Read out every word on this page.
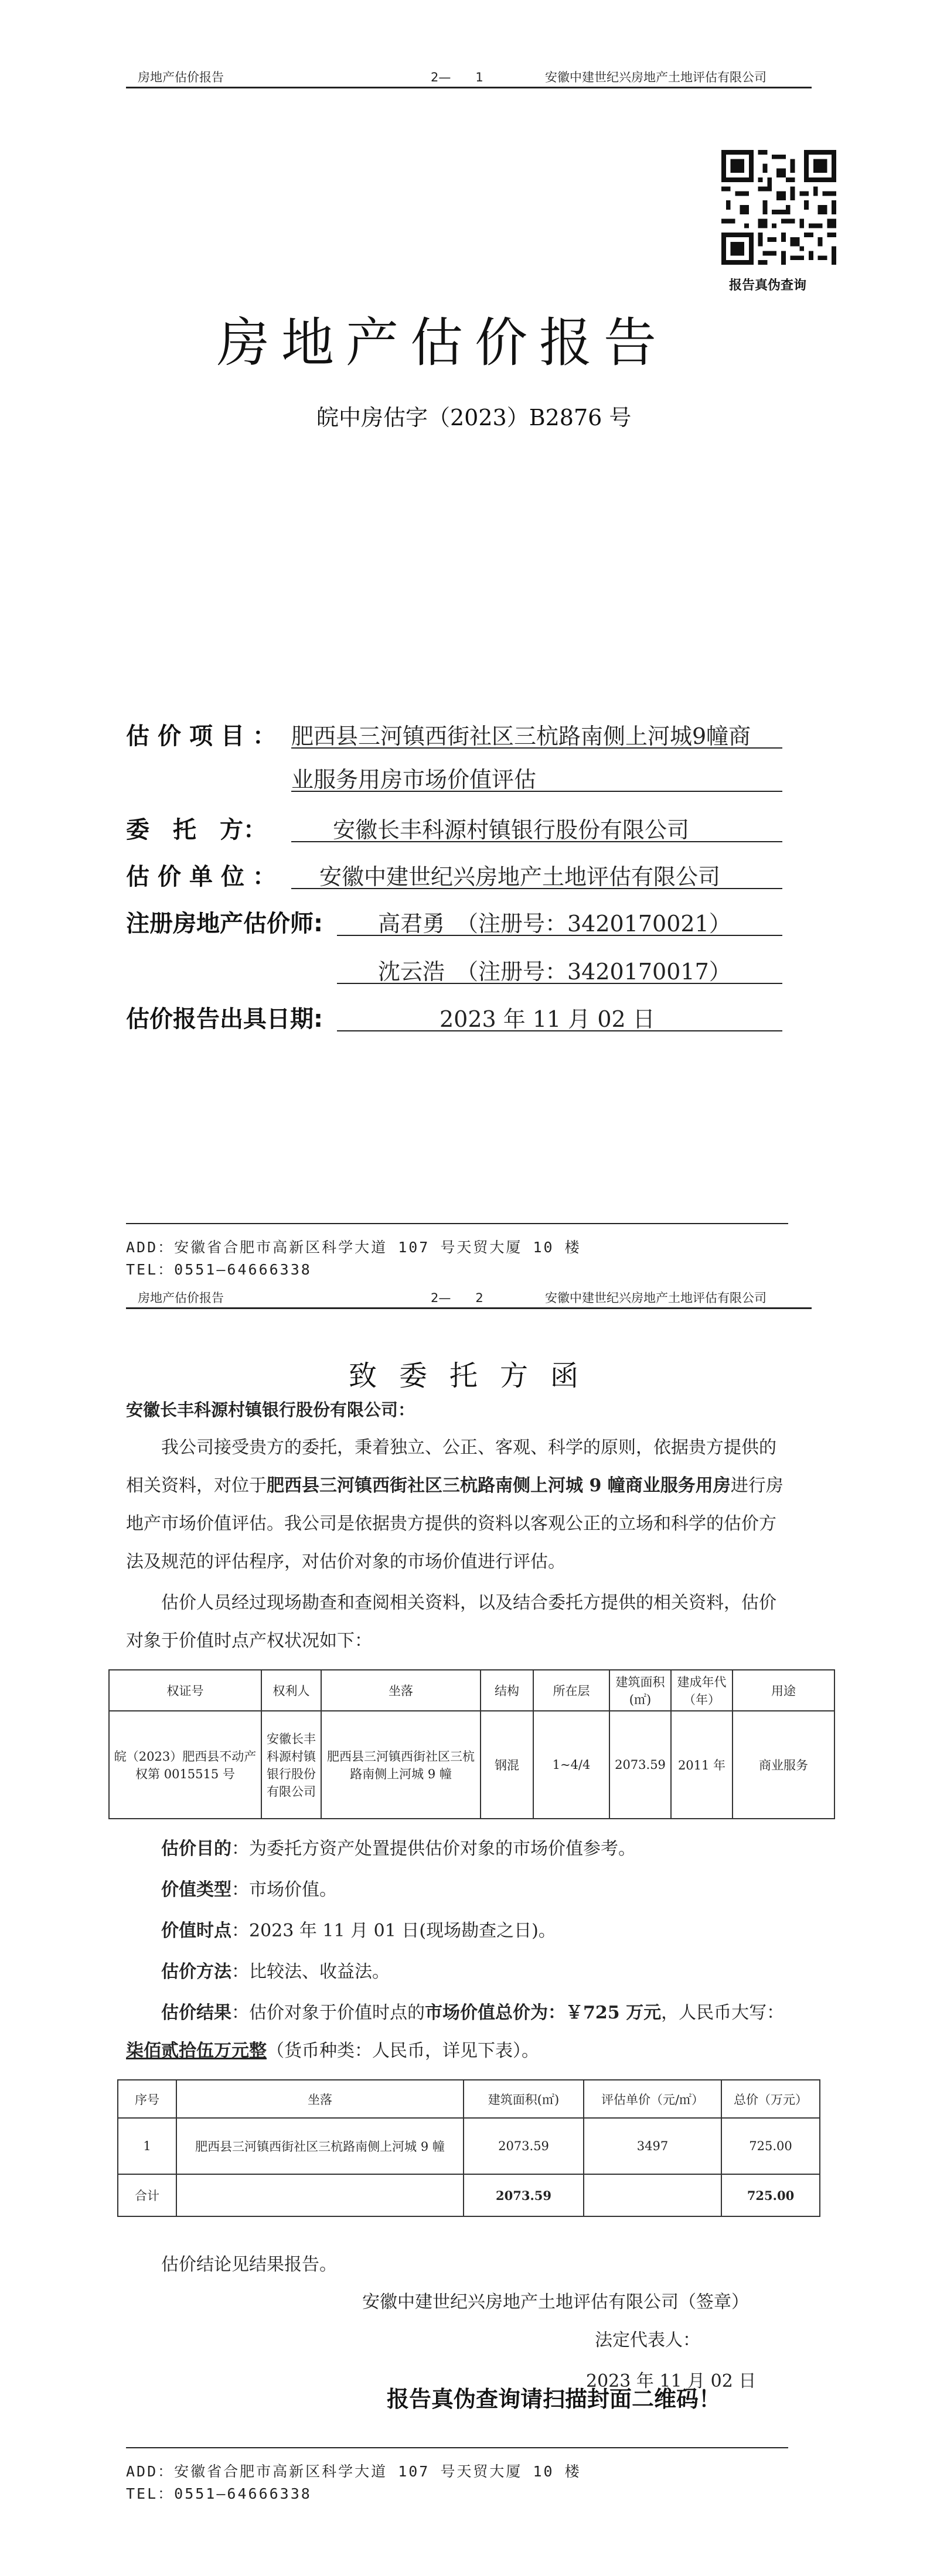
房地产估价报告	2—　　1	安徽中建世纪兴房地产土地评估有限公司
报告真伪查询
房地产估价报告
皖中房估字（2023）B2876 号
估价项目： 肥西县三河镇西街社区三杭路南侧上河城9幢商
业服务用房市场价值评估
委　托　方：	安徽长丰科源村镇银行股份有限公司
估价单位： 安徽中建世纪兴房地产土地评估有限公司
注册房地产估价师: 高君勇　（注册号：3420170021）
沈云浩　（注册号：3420170017）
估价报告出具日期:	2023 年 11 月 02 日
ADD：安徽省合肥市高新区科学大道 107 号天贸大厦 10 楼
TEL：0551—64666338
房地产估价报告	2—　　2	安徽中建世纪兴房地产土地评估有限公司
致委托方函
安徽长丰科源村镇银行股份有限公司：
我公司接受贵方的委托，秉着独立、公正、客观、科学的原则，依据贵方提供的
相关资料，对位于肥西县三河镇西街社区三杭路南侧上河城 9 幢商业服务用房进行房
地产市场价值评估。我公司是依据贵方提供的资料以客观公正的立场和科学的估价方
法及规范的评估程序，对估价对象的市场价值进行评估。
估价人员经过现场勘查和查阅相关资料，以及结合委托方提供的相关资料，估价
对象于价值时点产权状况如下：
权证号	权利人	坐落	结构	所在层	建筑面积(㎡)	建成年代（年）	用途
皖（2023）肥西县不动产权第 0015515 号	安徽长丰科源村镇银行股份有限公司	肥西县三河镇西街社区三杭路南侧上河城 9 幢	钢混	1~4/4	2073.59	2011 年	商业服务
估价目的：为委托方资产处置提供估价对象的市场价值参考。
价值类型：市场价值。
价值时点：2023 年 11 月 01 日(现场勘查之日)。
估价方法：比较法、收益法。
估价结果：估价对象于价值时点的市场价值总价为：￥725 万元，人民币大写：
柒佰贰拾伍万元整（货币种类：人民币，详见下表）。
序号	坐落	建筑面积(㎡)	评估单价（元/㎡）	总价（万元）
1	肥西县三河镇西街社区三杭路南侧上河城 9 幢	2073.59	3497	725.00
合计		2073.59		725.00
估价结论见结果报告。
安徽中建世纪兴房地产土地评估有限公司（签章）
法定代表人：
2023 年 11 月 02 日
报告真伪查询请扫描封面二维码！
ADD：安徽省合肥市高新区科学大道 107 号天贸大厦 10 楼
TEL：0551—64666338
